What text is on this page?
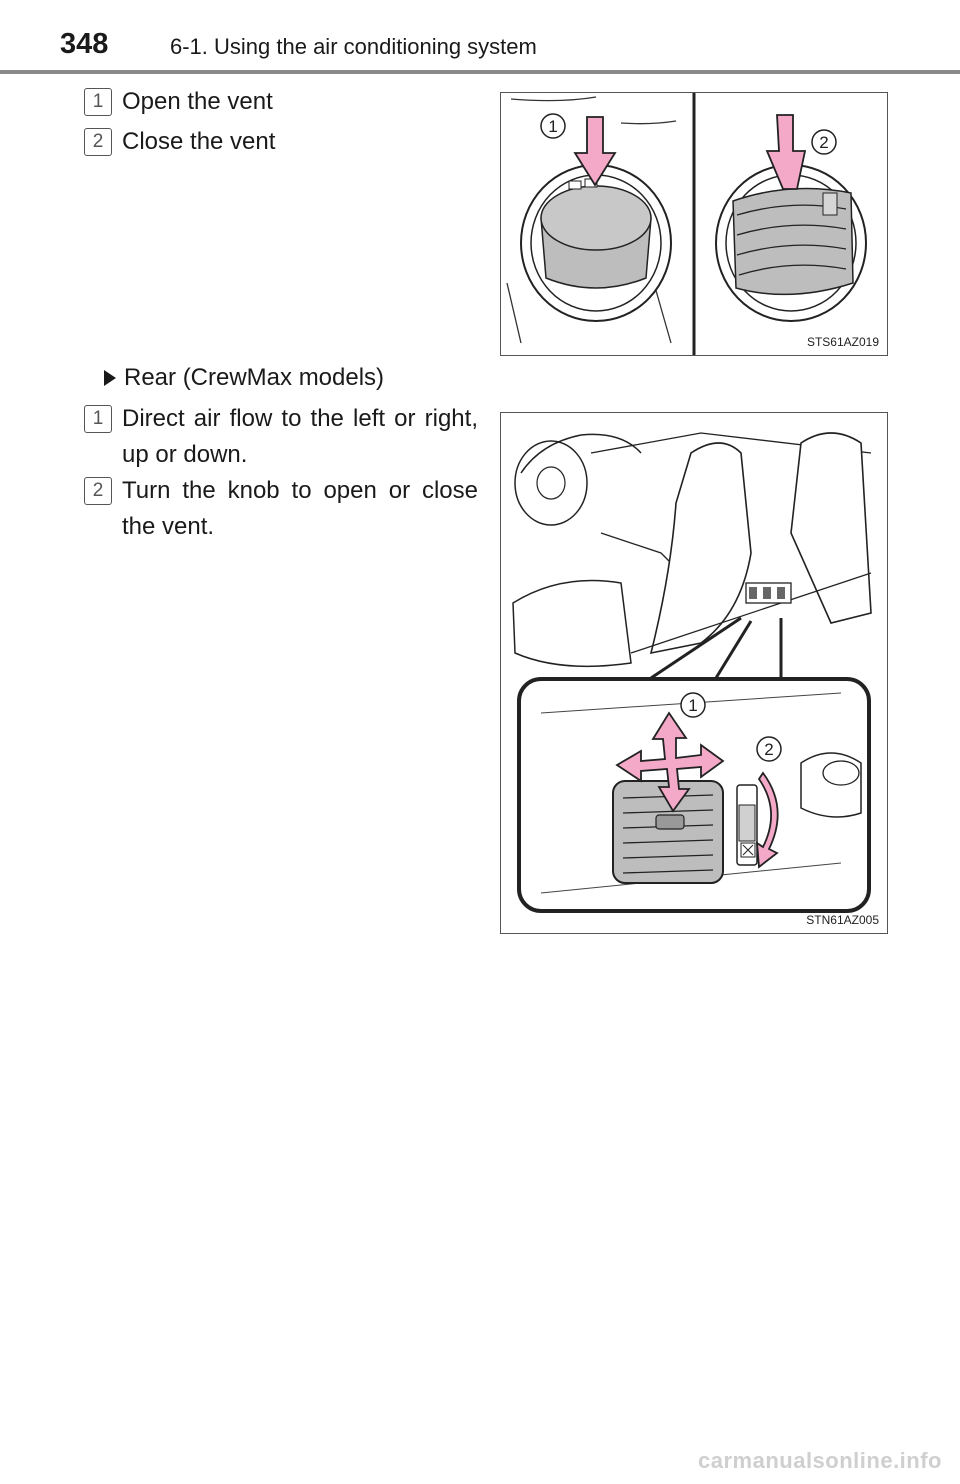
348	6-1. Using the air conditioning system
1 Open the vent
2 Close the vent
1
2
STS61AZ019
Rear (CrewMax models)
1 Direct air flow to the left or right, up or down.
2 Turn the knob to open or close the vent.
1
2
STN61AZ005
carmanualsonline.info
